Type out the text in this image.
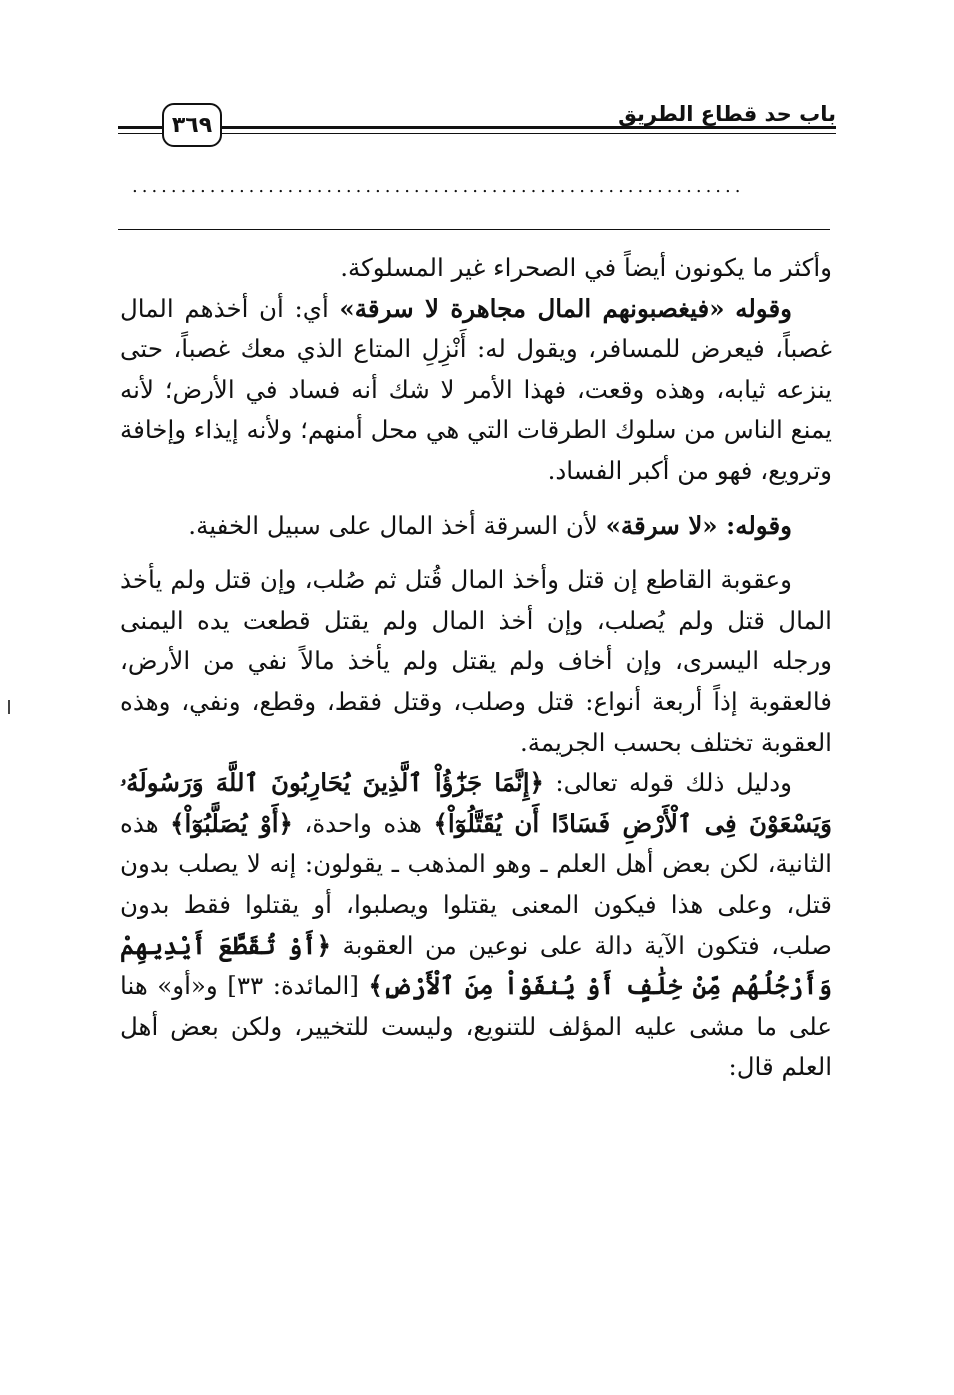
باب حد قطاع الطريق
٣٦٩
...............................................................

وأكثر ما يكونون أيضاً في الصحراء غير المسلوكة.

وقوله «فيغصبونهم المال مجاهرة لا سرقة» أي: أن أخذهم المال غصباً، فيعرض للمسافر، ويقول له: أَنْزِلِ المتاع الذي معك غصباً، حتى ينزعه ثيابه، وهذه وقعت، فهذا الأمر لا شك أنه فساد في الأرض؛ لأنه يمنع الناس من سلوك الطرقات التي هي محل أمنهم؛ ولأنه إيذاء وإخافة وترويع، فهو من أكبر الفساد.

وقوله: «لا سرقة» لأن السرقة أخذ المال على سبيل الخفية.

وعقوبة القاطع إن قتل وأخذ المال قُتل ثم صُلب، وإن قتل ولم يأخذ المال قتل ولم يُصلب، وإن أخذ المال ولم يقتل قطعت يده اليمنى ورجله اليسرى، وإن أخاف ولم يقتل ولم يأخذ مالاً نفي من الأرض، فالعقوبة إذاً أربعة أنواع: قتل وصلب، وقتل فقط، وقطع، ونفي، وهذه العقوبة تختلف بحسب الجريمة.

ودليل ذلك قوله تعالى: ﴿إِنَّمَا جَزَٰٓؤُاْ ٱلَّذِينَ يُحَارِبُونَ ٱللَّهَ وَرَسُولَهُۥ وَيَسْعَوْنَ فِى ٱلْأَرْضِ فَسَادًا أَن يُقَتَّلُوٓاْ﴾ هذه واحدة، ﴿أَوْ يُصَلَّبُوٓاْ﴾ هذه الثانية، لكن بعض أهل العلم ـ وهو المذهب ـ يقولون: إنه لا يصلب بدون قتل، وعلى هذا فيكون المعنى يقتلوا ويصلبوا، أو يقتلوا فقط بدون صلب، فتكون الآية دالة على نوعين من العقوبة ﴿أَوْ تُقَطَّعَ أَيْدِيهِمْ وَأَرْجُلُهُم مِّنْ خِلَٰفٍ أَوْ يُنفَوْاْ مِنَ ٱلْأَرْضِ﴾ [المائدة: ٣٣] و«أو» هنا على ما مشى عليه المؤلف للتنويع، وليست للتخيير، ولكن بعض أهل العلم قال:
